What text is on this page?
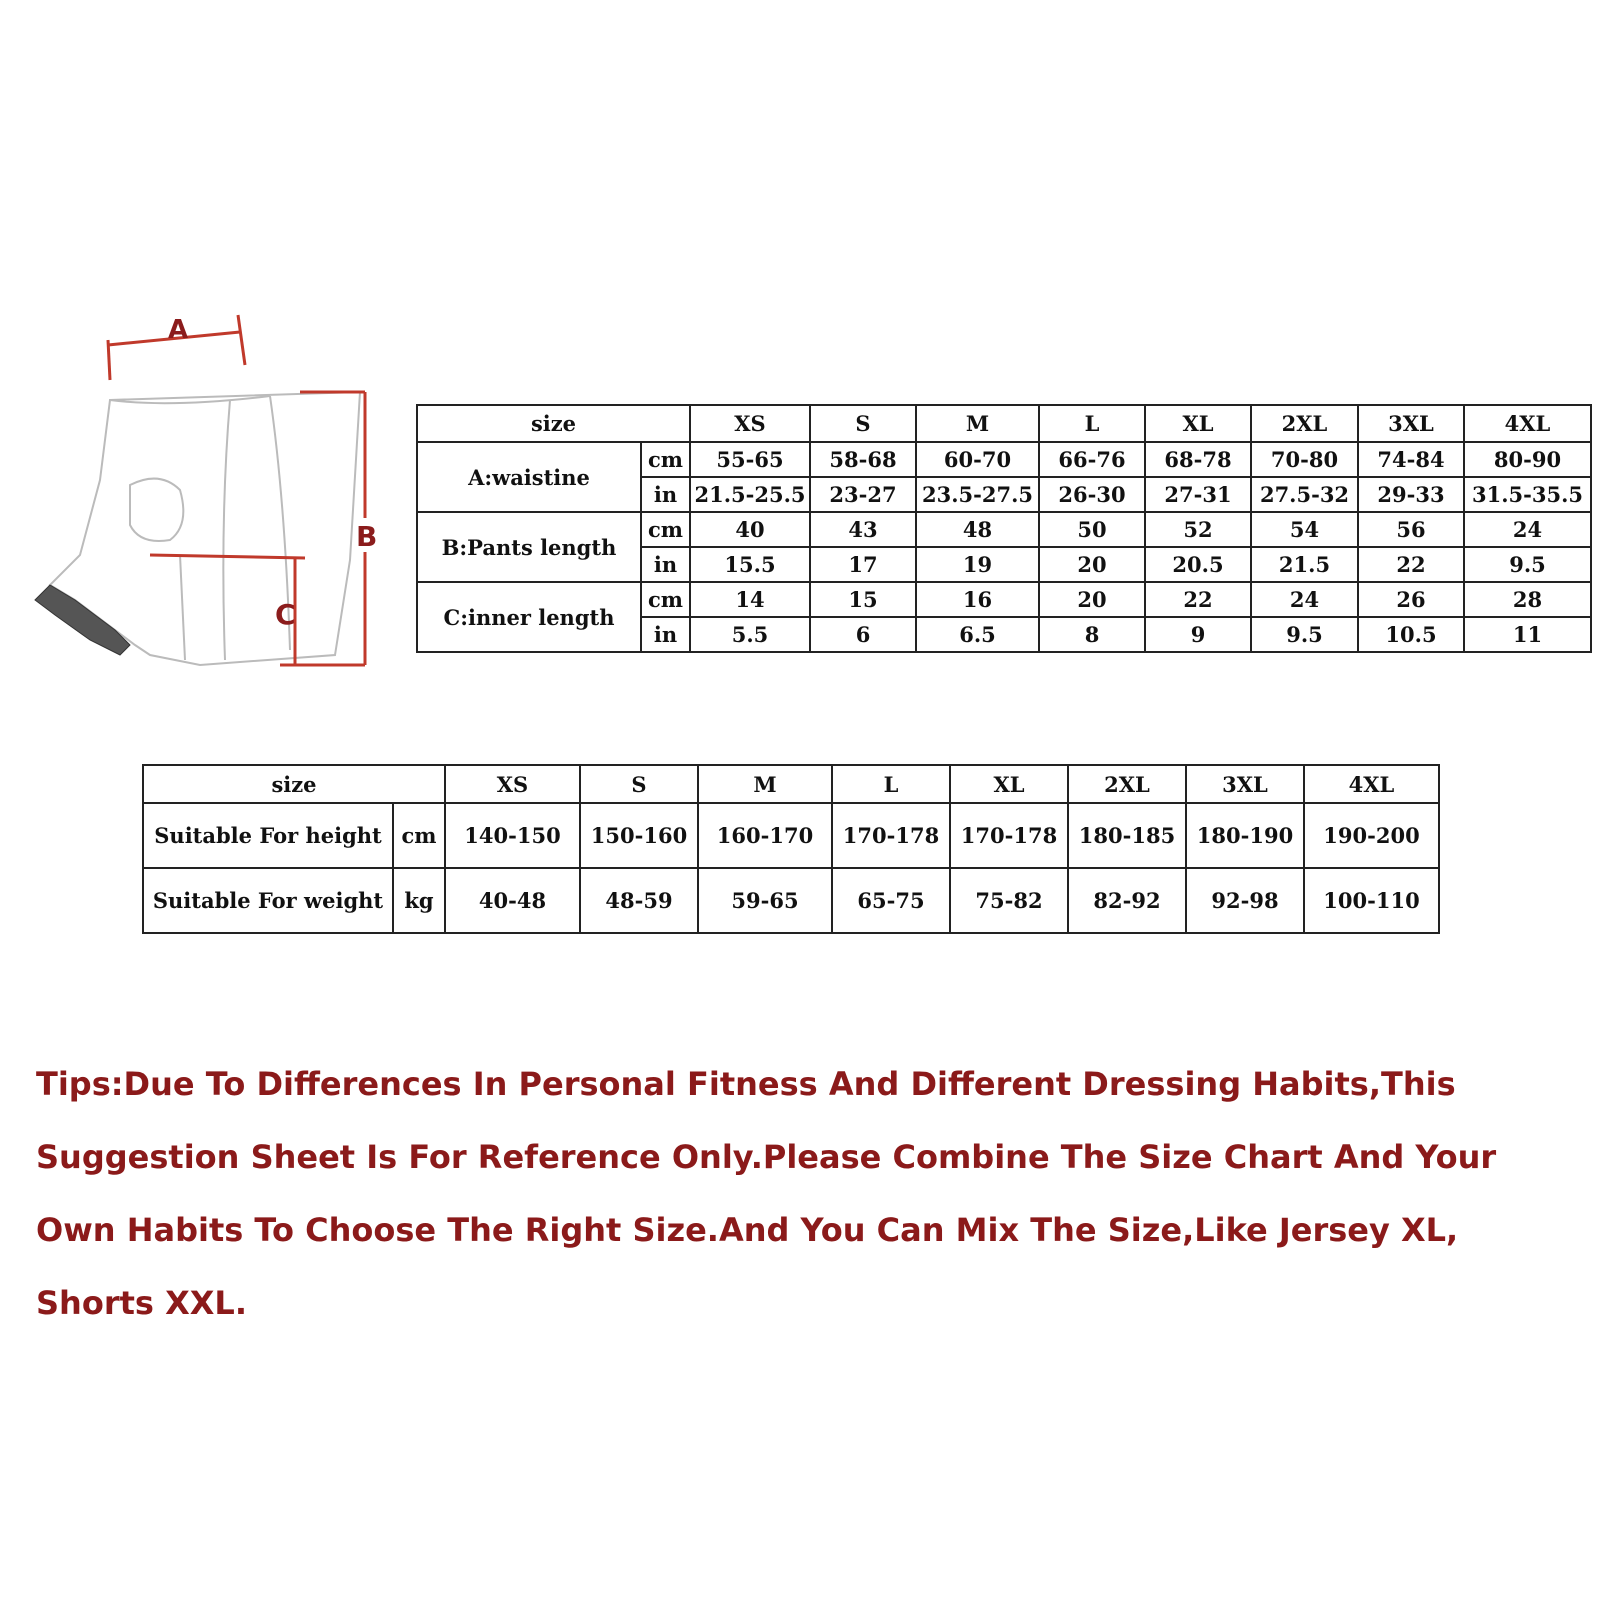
A
B
C
size		XS	S	M	L	XL	2XL	3XL	4XL
A:waistine	cm	55-65	58-68	60-70	66-76	68-78	70-80	74-84	80-90
	in	21.5-25.5	23-27	23.5-27.5	26-30	27-31	27.5-32	29-33	31.5-35.5
B:Pants length	cm	40	43	48	50	52	54	56	24
	in	15.5	17	19	20	20.5	21.5	22	9.5
C:inner length	cm	14	15	16	20	22	24	26	28
	in	5.5	6	6.5	8	9	9.5	10.5	11
size		XS	S	M	L	XL	2XL	3XL	4XL
Suitable For height	cm	140-150	150-160	160-170	170-178	170-178	180-185	180-190	190-200
Suitable For weight	kg	40-48	48-59	59-65	65-75	75-82	82-92	92-98	100-110

Tips:Due To Differences In Personal Fitness And Different Dressing Habits,This Suggestion Sheet Is For Reference Only.Please Combine The Size Chart And Your Own Habits To Choose The Right Size.And You Can Mix The Size,Like Jersey XL, Shorts XXL.
